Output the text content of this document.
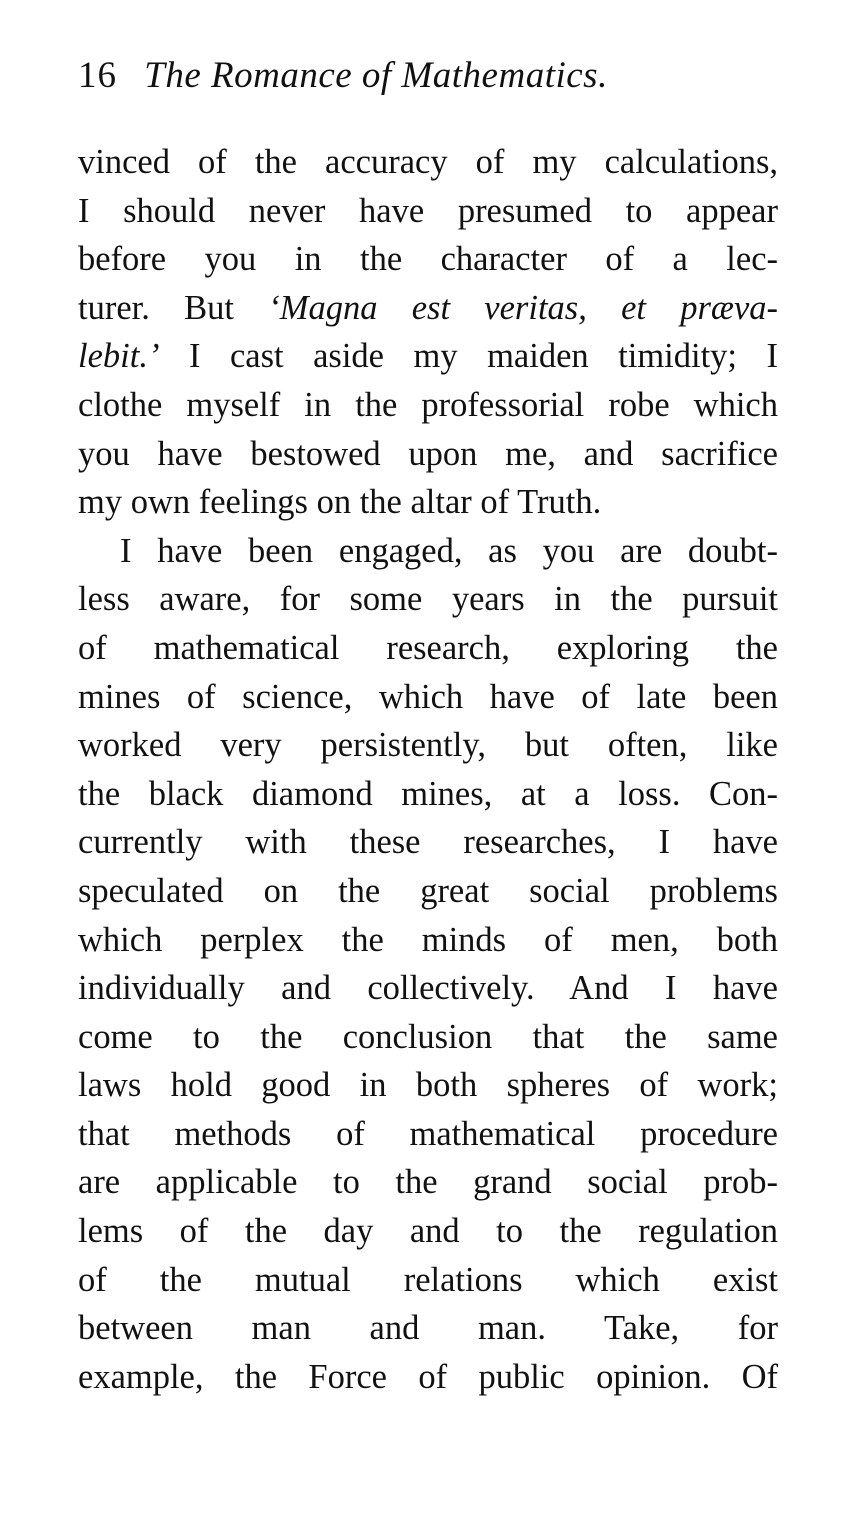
16 The Romance of Mathematics.
vinced of the accuracy of my calculations,
I should never have presumed to appear
before you in the character of a lec-
turer. But ‘Magna est veritas, et præva-
lebit.’ I cast aside my maiden timidity; I
clothe myself in the professorial robe which
you have bestowed upon me, and sacrifice
my own feelings on the altar of Truth.
I have been engaged, as you are doubt-
less aware, for some years in the pursuit
of mathematical research, exploring the
mines of science, which have of late been
worked very persistently, but often, like
the black diamond mines, at a loss. Con-
currently with these researches, I have
speculated on the great social problems
which perplex the minds of men, both
individually and collectively. And I have
come to the conclusion that the same
laws hold good in both spheres of work;
that methods of mathematical procedure
are applicable to the grand social prob-
lems of the day and to the regulation
of the mutual relations which exist
between man and man. Take, for
example, the Force of public opinion. Of
